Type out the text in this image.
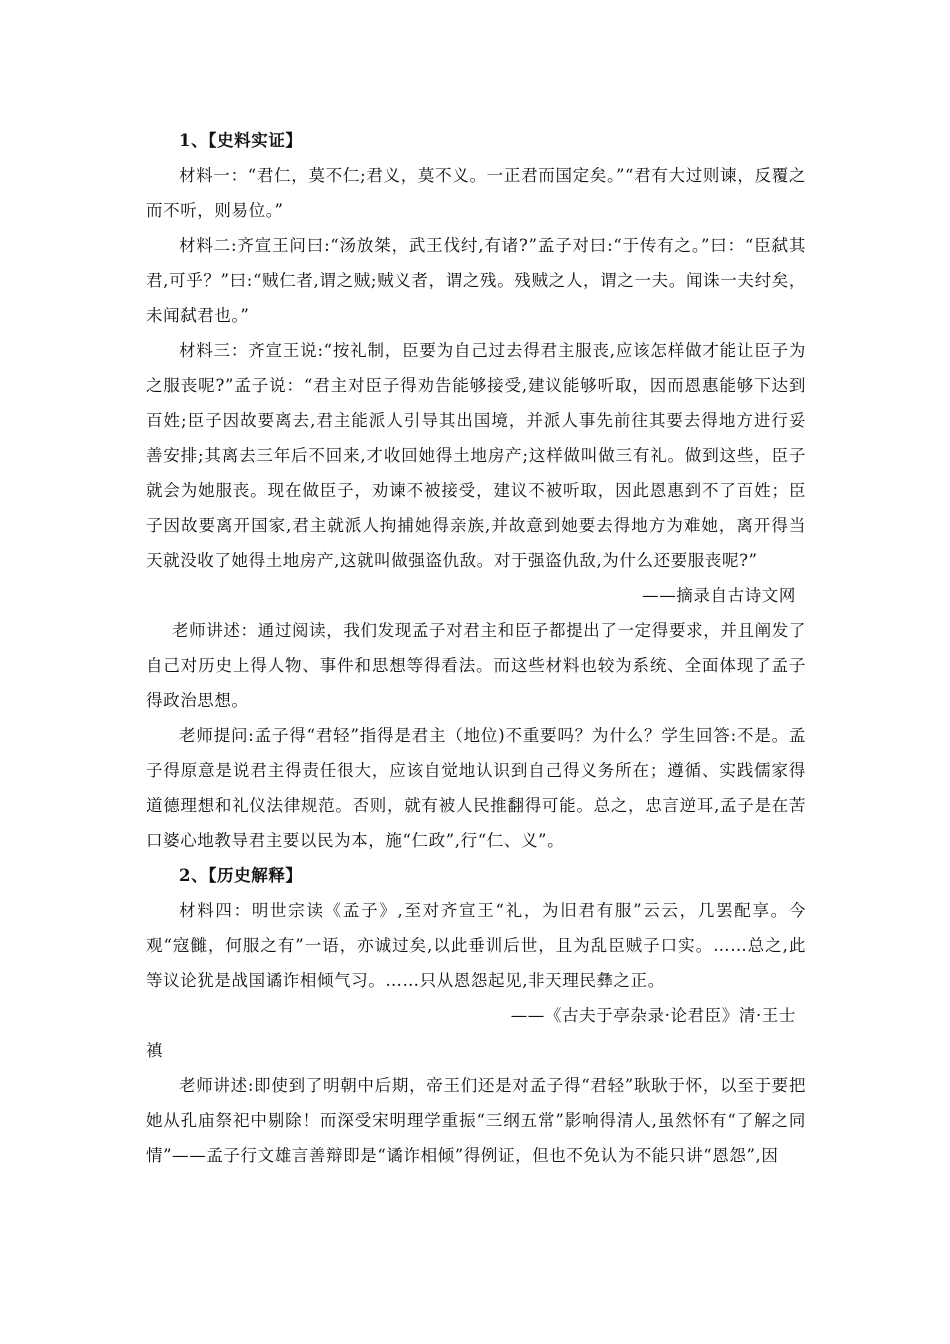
1、【史料实证】

材料一：“君仁，莫不仁;君义，莫不义。一正君而国定矣。”“君有大过则谏，反覆之而不听，则易位。”

材料二:齐宣王问曰:“汤放桀，武王伐纣,有诸?”孟子对曰:“于传有之。”曰：“臣弑其君,可乎？”曰:“贼仁者,谓之贼;贼义者，谓之残。残贼之人，谓之一夫。闻诛一夫纣矣，未闻弑君也。”

材料三：齐宣王说:“按礼制，臣要为自己过去得君主服丧,应该怎样做才能让臣子为之服丧呢?”孟子说：“君主对臣子得劝告能够接受,建议能够听取，因而恩惠能够下达到百姓;臣子因故要离去,君主能派人引导其出国境，并派人事先前往其要去得地方进行妥善安排;其离去三年后不回来,才收回她得土地房产;这样做叫做三有礼。做到这些，臣子就会为她服丧。现在做臣子，劝谏不被接受，建议不被听取，因此恩惠到不了百姓；臣子因故要离开国家,君主就派人拘捕她得亲族,并故意到她要去得地方为难她，离开得当天就没收了她得土地房产,这就叫做强盗仇敌。对于强盗仇敌,为什么还要服丧呢?”

——摘录自古诗文网

老师讲述：通过阅读，我们发现孟子对君主和臣子都提出了一定得要求，并且阐发了自己对历史上得人物、事件和思想等得看法。而这些材料也较为系统、全面体现了孟子得政治思想。

老师提问:孟子得“君轻”指得是君主（地位)不重要吗？为什么？学生回答:不是。孟子得原意是说君主得责任很大，应该自觉地认识到自己得义务所在；遵循、实践儒家得道德理想和礼仪法律规范。否则，就有被人民推翻得可能。总之，忠言逆耳,孟子是在苦口婆心地教导君主要以民为本，施“仁政”,行“仁、义”。

2、【历史解释】

材料四：明世宗读《孟子》,至对齐宣王“礼，为旧君有服”云云，几罢配享。今观“寇雠，何服之有”一语，亦诚过矣,以此垂训后世，且为乱臣贼子口实。……总之,此等议论犹是战国谲诈相倾气习。……只从恩怨起见,非天理民彝之正。

——《古夫于亭杂录·论君臣》清·王士

禛

老师讲述:即使到了明朝中后期，帝王们还是对孟子得“君轻”耿耿于怀，以至于要把她从孔庙祭祀中剔除！而深受宋明理学重振“三纲五常”影响得清人,虽然怀有“了解之同情”——孟子行文雄言善辩即是“谲诈相倾”得例证，但也不免认为不能只讲“恩怨”,因
